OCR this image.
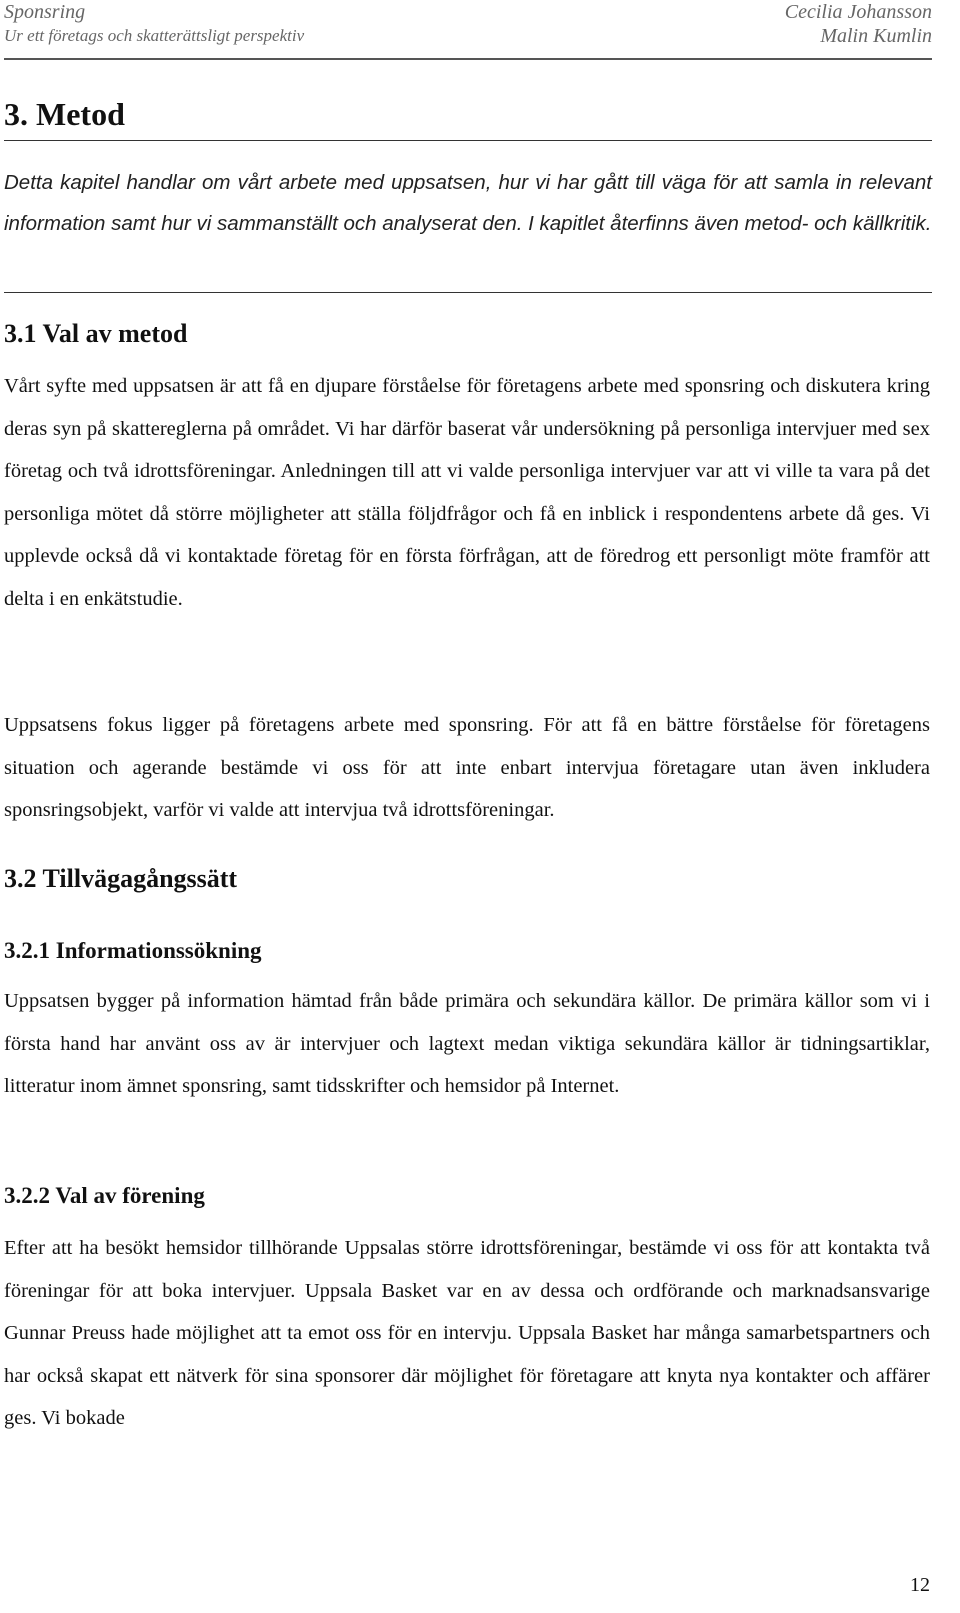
Sponsring
Ur ett företags och skatterättsligt perspektiv
Cecilia Johansson
Malin Kumlin
3. Metod

Detta kapitel handlar om vårt arbete med uppsatsen, hur vi har gått till väga för att samla in relevant information samt hur vi sammanställt och analyserat den. I kapitlet återfinns även metod- och källkritik.

3.1 Val av metod

Vårt syfte med uppsatsen är att få en djupare förståelse för företagens arbete med sponsring och diskutera kring deras syn på skattereglerna på området. Vi har därför baserat vår undersökning på personliga intervjuer med sex företag och två idrottsföreningar. Anledningen till att vi valde personliga intervjuer var att vi ville ta vara på det personliga mötet då större möjligheter att ställa följdfrågor och få en inblick i respondentens arbete då ges. Vi upplevde också då vi kontaktade företag för en första förfrågan, att de föredrog ett personligt möte framför att delta i en enkätstudie.

Uppsatsens fokus ligger på företagens arbete med sponsring. För att få en bättre förståelse för företagens situation och agerande bestämde vi oss för att inte enbart intervjua företagare utan även inkludera sponsringsobjekt, varför vi valde att intervjua två idrottsföreningar.

3.2 Tillvägagångssätt
3.2.1 Informationssökning

Uppsatsen bygger på information hämtad från både primära och sekundära källor. De primära källor som vi i första hand har använt oss av är intervjuer och lagtext medan viktiga sekundära källor är tidningsartiklar, litteratur inom ämnet sponsring, samt tidsskrifter och hemsidor på Internet.

3.2.2 Val av förening

Efter att ha besökt hemsidor tillhörande Uppsalas större idrottsföreningar, bestämde vi oss för att kontakta två föreningar för att boka intervjuer. Uppsala Basket var en av dessa och ordförande och marknadsansvarige Gunnar Preuss hade möjlighet att ta emot oss för en intervju. Uppsala Basket har många samarbetspartners och har också skapat ett nätverk för sina sponsorer där möjlighet för företagare att knyta nya kontakter och affärer ges. Vi bokade

12
